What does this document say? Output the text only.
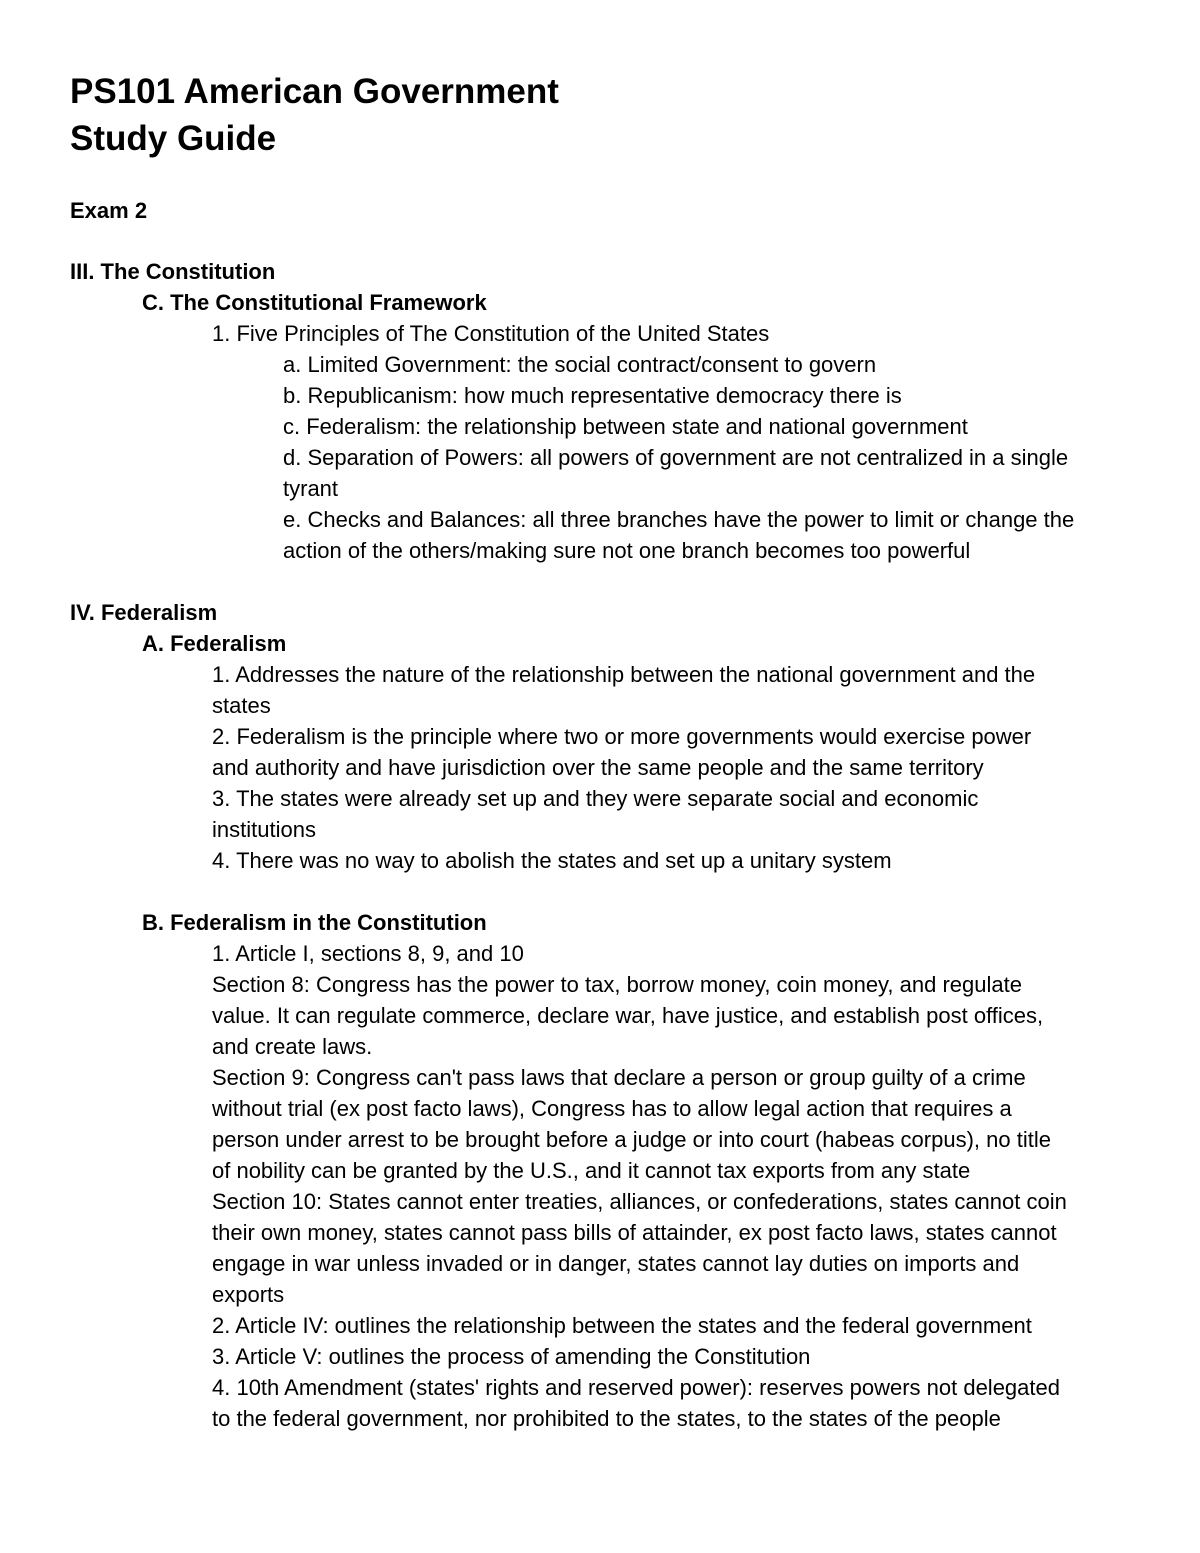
PS101 American Government
Study Guide
Exam 2
III. The Constitution
C. The Constitutional Framework
1. Five Principles of The Constitution of the United States
a. Limited Government: the social contract/consent to govern
b. Republicanism: how much representative democracy there is
c. Federalism: the relationship between state and national government
d. Separation of Powers: all powers of government are not centralized in a single
tyrant
e. Checks and Balances: all three branches have the power to limit or change the
action of the others/making sure not one branch becomes too powerful
IV. Federalism
A. Federalism
1. Addresses the nature of the relationship between the national government and the
states
2. Federalism is the principle where two or more governments would exercise power
and authority and have jurisdiction over the same people and the same territory
3. The states were already set up and they were separate social and economic
institutions
4. There was no way to abolish the states and set up a unitary system
B. Federalism in the Constitution
1. Article I, sections 8, 9, and 10
Section 8: Congress has the power to tax, borrow money, coin money, and regulate
value. It can regulate commerce, declare war, have justice, and establish post offices,
and create laws.
Section 9: Congress can't pass laws that declare a person or group guilty of a crime
without trial (ex post facto laws), Congress has to allow legal action that requires a
person under arrest to be brought before a judge or into court (habeas corpus), no title
of nobility can be granted by the U.S., and it cannot tax exports from any state
Section 10: States cannot enter treaties, alliances, or confederations, states cannot coin
their own money, states cannot pass bills of attainder, ex post facto laws, states cannot
engage in war unless invaded or in danger, states cannot lay duties on imports and
exports
2. Article IV: outlines the relationship between the states and the federal government
3. Article V: outlines the process of amending the Constitution
4. 10th Amendment (states' rights and reserved power): reserves powers not delegated
to the federal government, nor prohibited to the states, to the states of the people
